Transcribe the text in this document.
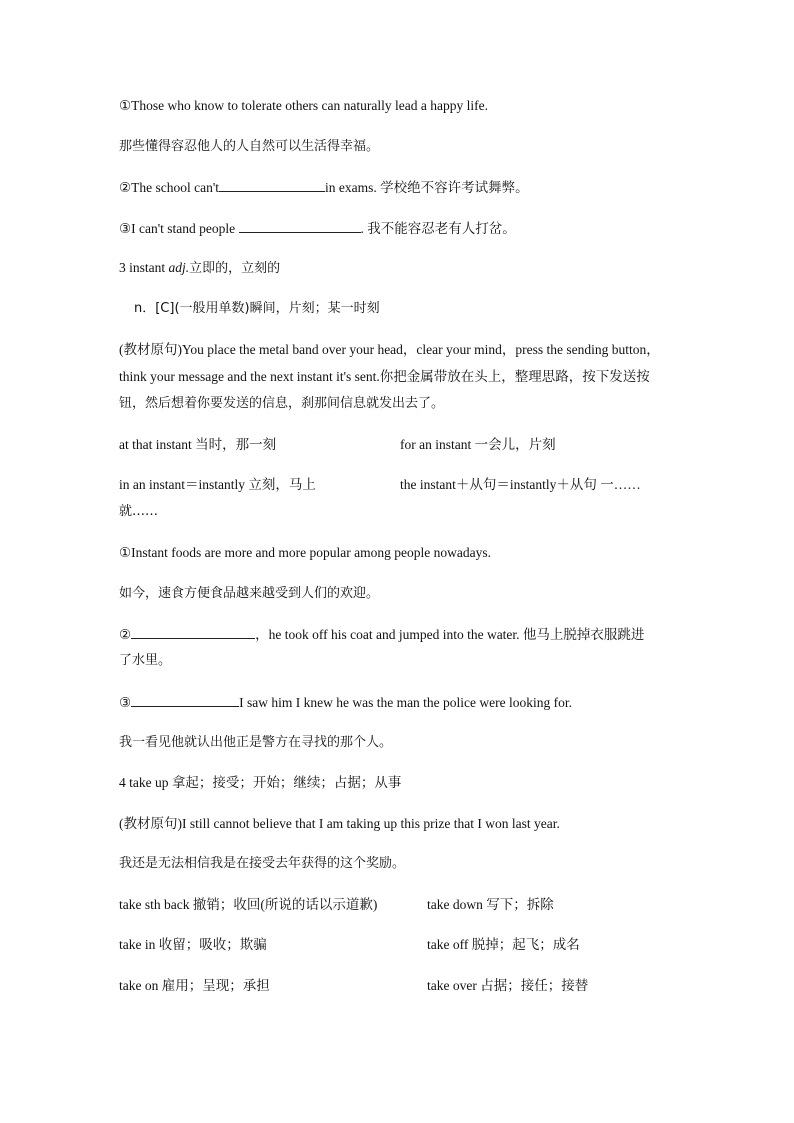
①Those who know to tolerate others can naturally lead a happy life.
那些懂得容忍他人的人自然可以生活得幸福。
②The school can't	in exams. 学校绝不容许考试舞弊。
③I can't stand people	. 我不能容忍老有人打岔。
3 instant adj.立即的，立刻的
n．[C](一般用单数)瞬间，片刻；某一时刻
(教材原句)You place the metal band over your head，clear your mind，press the sending button，
think your message and the next instant it's sent.你把金属带放在头上，整理思路，按下发送按
钮，然后想着你要发送的信息，刹那间信息就发出去了。
at that instant 当时，那一刻	for an instant 一会儿，片刻
in an instant＝instantly 立刻，马上	the instant＋从句＝instantly＋从句 一……
就……
①Instant foods are more and more popular among people nowadays.
如今，速食方便食品越来越受到人们的欢迎。
②	，he took off his coat and jumped into the water. 他马上脱掉衣服跳进
了水里。
③	I saw him I knew he was the man the police were looking for.
我一看见他就认出他正是警方在寻找的那个人。
4 take up 拿起；接受；开始；继续；占据；从事
(教材原句)I still cannot believe that I am taking up this prize that I won last year.
我还是无法相信我是在接受去年获得的这个奖励。
take sth back 撤销；收回(所说的话以示道歉)	take down 写下；拆除
take in 收留；吸收；欺骗	take off 脱掉；起飞；成名
take on 雇用；呈现；承担	take over 占据；接任；接替
